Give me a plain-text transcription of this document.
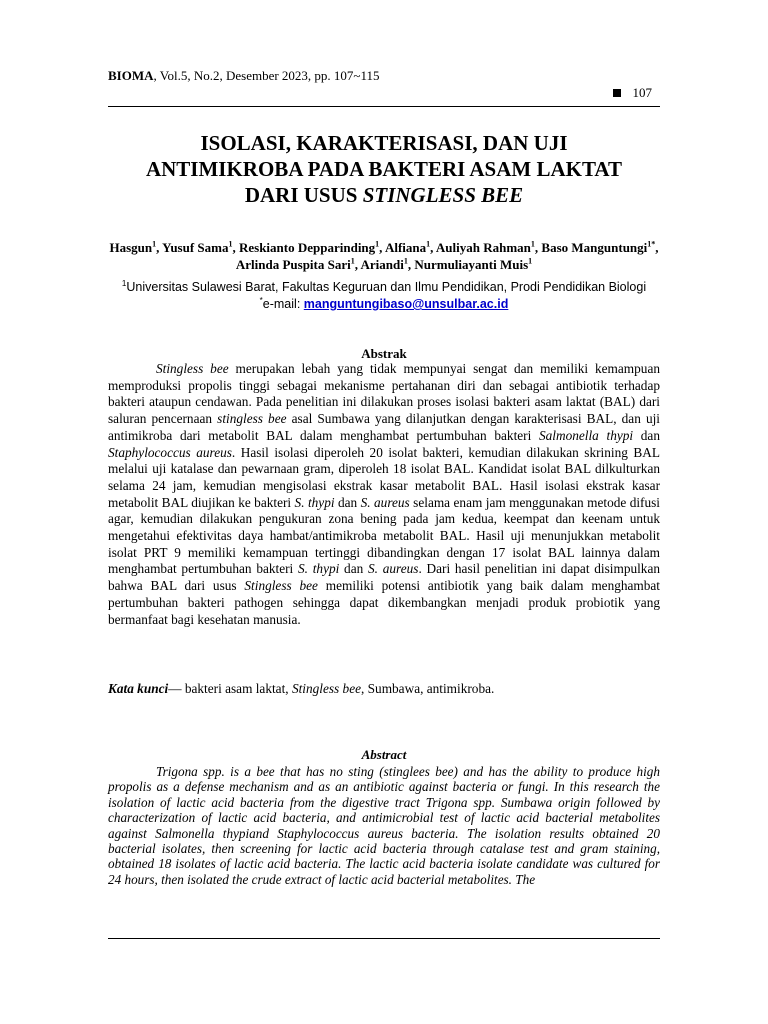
BIOMA, Vol.5, No.2, Desember 2023, pp. 107~115
107
ISOLASI, KARAKTERISASI, DAN UJI
ANTIMIKROBA PADA BAKTERI ASAM LAKTAT
DARI USUS STINGLESS BEE
Hasgun$^1$, Yusuf Sama$^1$, Reskianto Depparinding$^1$, Alfiana$^1$, Auliyah Rahman$^1$, Baso Manguntungi$^{1*}$, Arlinda Puspita Sari$^1$, Ariandi$^1$, Nurmuliayanti Muis$^1$
$^1$Universitas Sulawesi Barat, Fakultas Keguruan dan Ilmu Pendidikan, Prodi Pendidikan Biologi
*e-mail: manguntungibaso@unsulbar.ac.id
Abstrak

Stingless bee merupakan lebah yang tidak mempunyai sengat dan memiliki kemampuan memproduksi propolis tinggi sebagai mekanisme pertahanan diri dan sebagai antibiotik terhadap bakteri ataupun cendawan. Pada penelitian ini dilakukan proses isolasi bakteri asam laktat (BAL) dari saluran pencernaan stingless bee asal Sumbawa yang dilanjutkan dengan karakterisasi BAL, dan uji antimikroba dari metabolit BAL dalam menghambat pertumbuhan bakteri Salmonella thypi dan Staphylococcus aureus. Hasil isolasi diperoleh 20 isolat bakteri, kemudian dilakukan skrining BAL melalui uji katalase dan pewarnaan gram, diperoleh 18 isolat BAL. Kandidat isolat BAL dilkulturkan selama 24 jam, kemudian mengisolasi ekstrak kasar metabolit BAL. Hasil isolasi ekstrak kasar metabolit BAL diujikan ke bakteri S. thypi dan S. aureus selama enam jam menggunakan metode difusi agar, kemudian dilakukan pengukuran zona bening pada jam kedua, keempat dan keenam untuk mengetahui efektivitas daya hambat/antimikroba metabolit BAL. Hasil uji menunjukkan metabolit isolat PRT 9 memiliki kemampuan tertinggi dibandingkan dengan 17 isolat BAL lainnya dalam menghambat pertumbuhan bakteri S. thypi dan S. aureus. Dari hasil penelitian ini dapat disimpulkan bahwa BAL dari usus Stingless bee memiliki potensi antibiotik yang baik dalam menghambat pertumbuhan bakteri pathogen sehingga dapat dikembangkan menjadi produk probiotik yang bermanfaat bagi kesehatan manusia.

Kata kunci— bakteri asam laktat, Stingless bee, Sumbawa, antimikroba.
Abstract

Trigona spp. is a bee that has no sting (stinglees bee) and has the ability to produce high propolis as a defense mechanism and as an antibiotic against bacteria or fungi. In this research the isolation of lactic acid bacteria from the digestive tract Trigona spp. Sumbawa origin followed by characterization of lactic acid bacteria, and antimicrobial test of lactic acid bacterial metabolites against Salmonella thypiand Staphylococcus aureus bacteria. The isolation results obtained 20 bacterial isolates, then screening for lactic acid bacteria through catalase test and gram staining, obtained 18 isolates of lactic acid bacteria. The lactic acid bacteria isolate candidate was cultured for 24 hours, then isolated the crude extract of lactic acid bacterial metabolites. The
